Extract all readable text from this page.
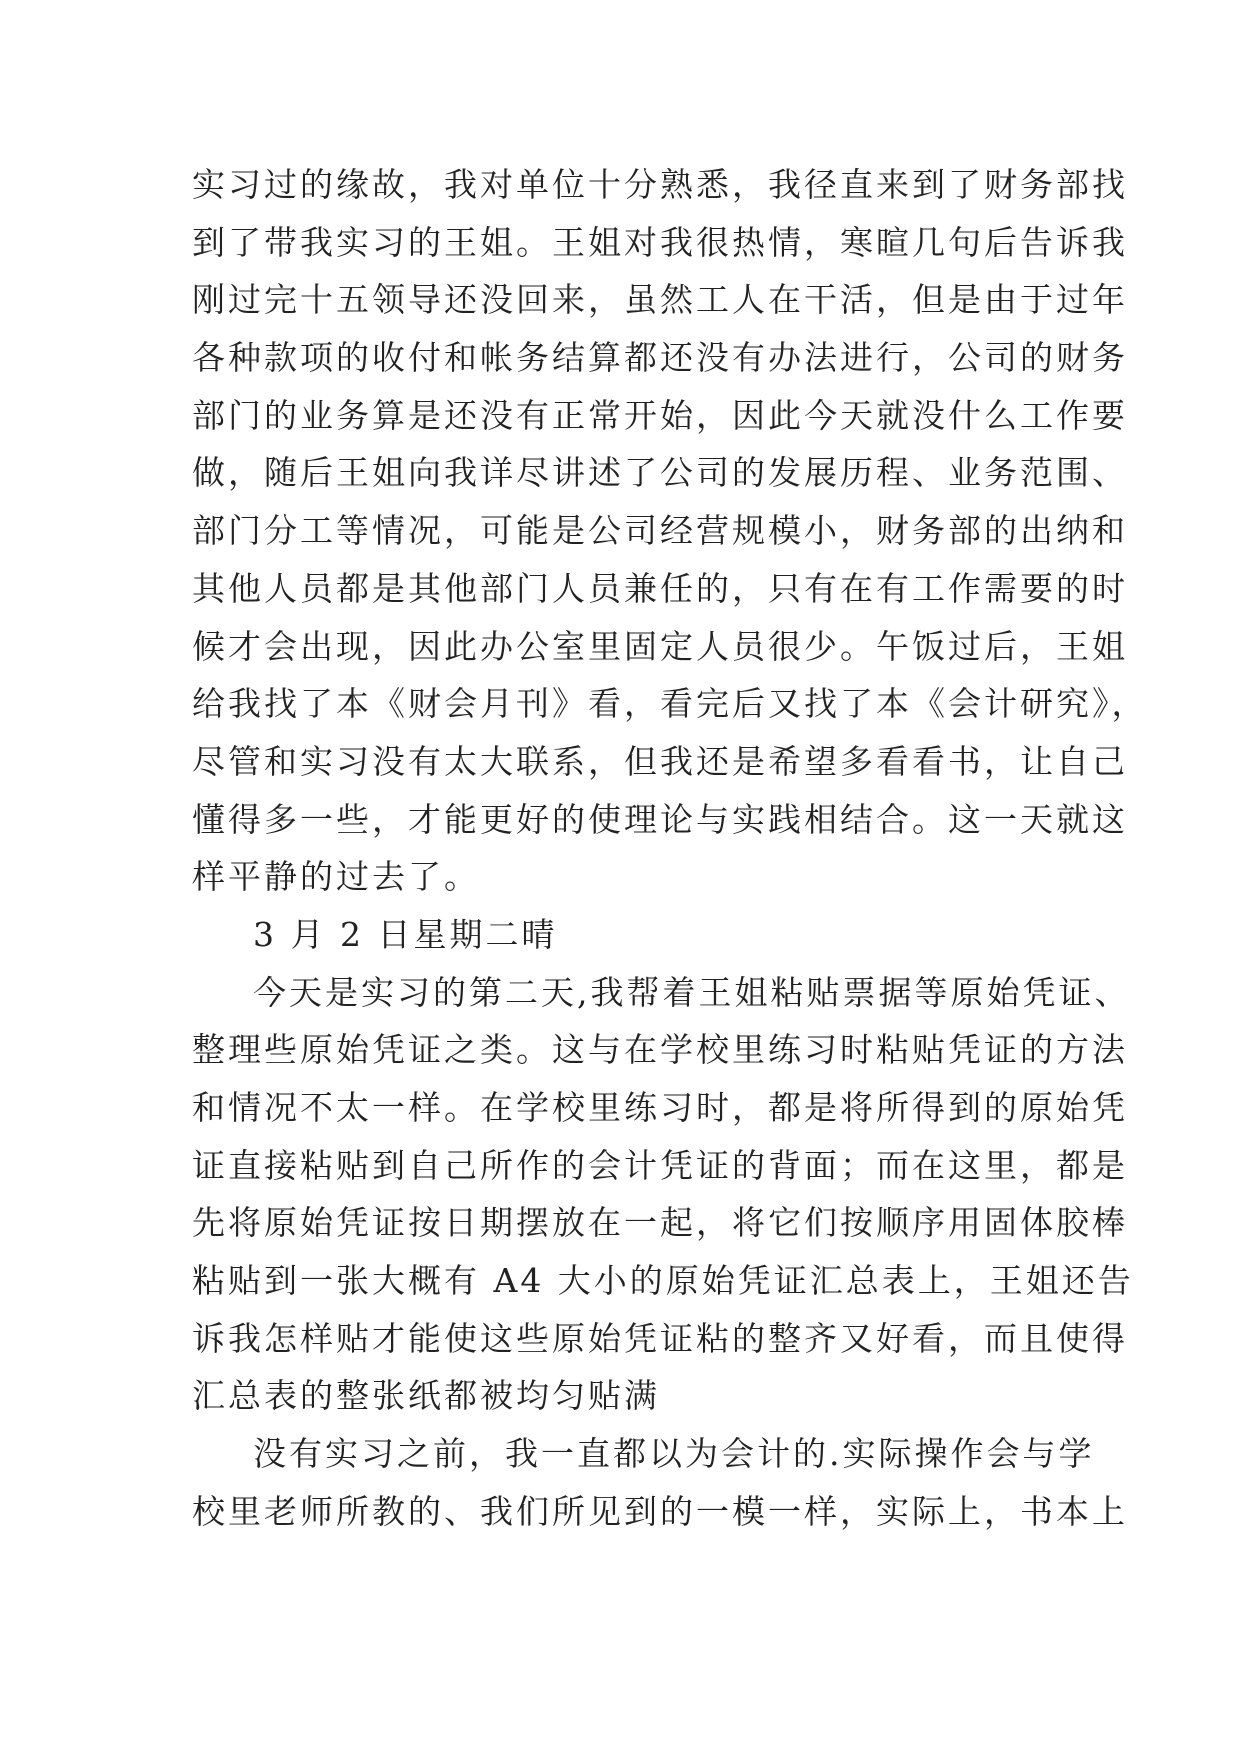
实习过的缘故，我对单位十分熟悉，我径直来到了财务部找
到了带我实习的王姐。王姐对我很热情，寒暄几句后告诉我
刚过完十五领导还没回来，虽然工人在干活，但是由于过年
各种款项的收付和帐务结算都还没有办法进行，公司的财务
部门的业务算是还没有正常开始，因此今天就没什么工作要
做，随后王姐向我详尽讲述了公司的发展历程、业务范围、
部门分工等情况，可能是公司经营规模小，财务部的出纳和
其他人员都是其他部门人员兼任的，只有在有工作需要的时
候才会出现，因此办公室里固定人员很少。午饭过后，王姐
给我找了本《财会月刊》看，看完后又找了本《会计研究》，
尽管和实习没有太大联系，但我还是希望多看看书，让自己
懂得多一些，才能更好的使理论与实践相结合。这一天就这
样平静的过去了。
3 月 2 日星期二晴
今天是实习的第二天,我帮着王姐粘贴票据等原始凭证、
整理些原始凭证之类。这与在学校里练习时粘贴凭证的方法
和情况不太一样。在学校里练习时，都是将所得到的原始凭
证直接粘贴到自己所作的会计凭证的背面；而在这里，都是
先将原始凭证按日期摆放在一起，将它们按顺序用固体胶棒
粘贴到一张大概有 A4 大小的原始凭证汇总表上，王姐还告
诉我怎样贴才能使这些原始凭证粘的整齐又好看，而且使得
汇总表的整张纸都被均匀贴满
没有实习之前，我一直都以为会计的.实际操作会与学
校里老师所教的、我们所见到的一模一样，实际上，书本上
